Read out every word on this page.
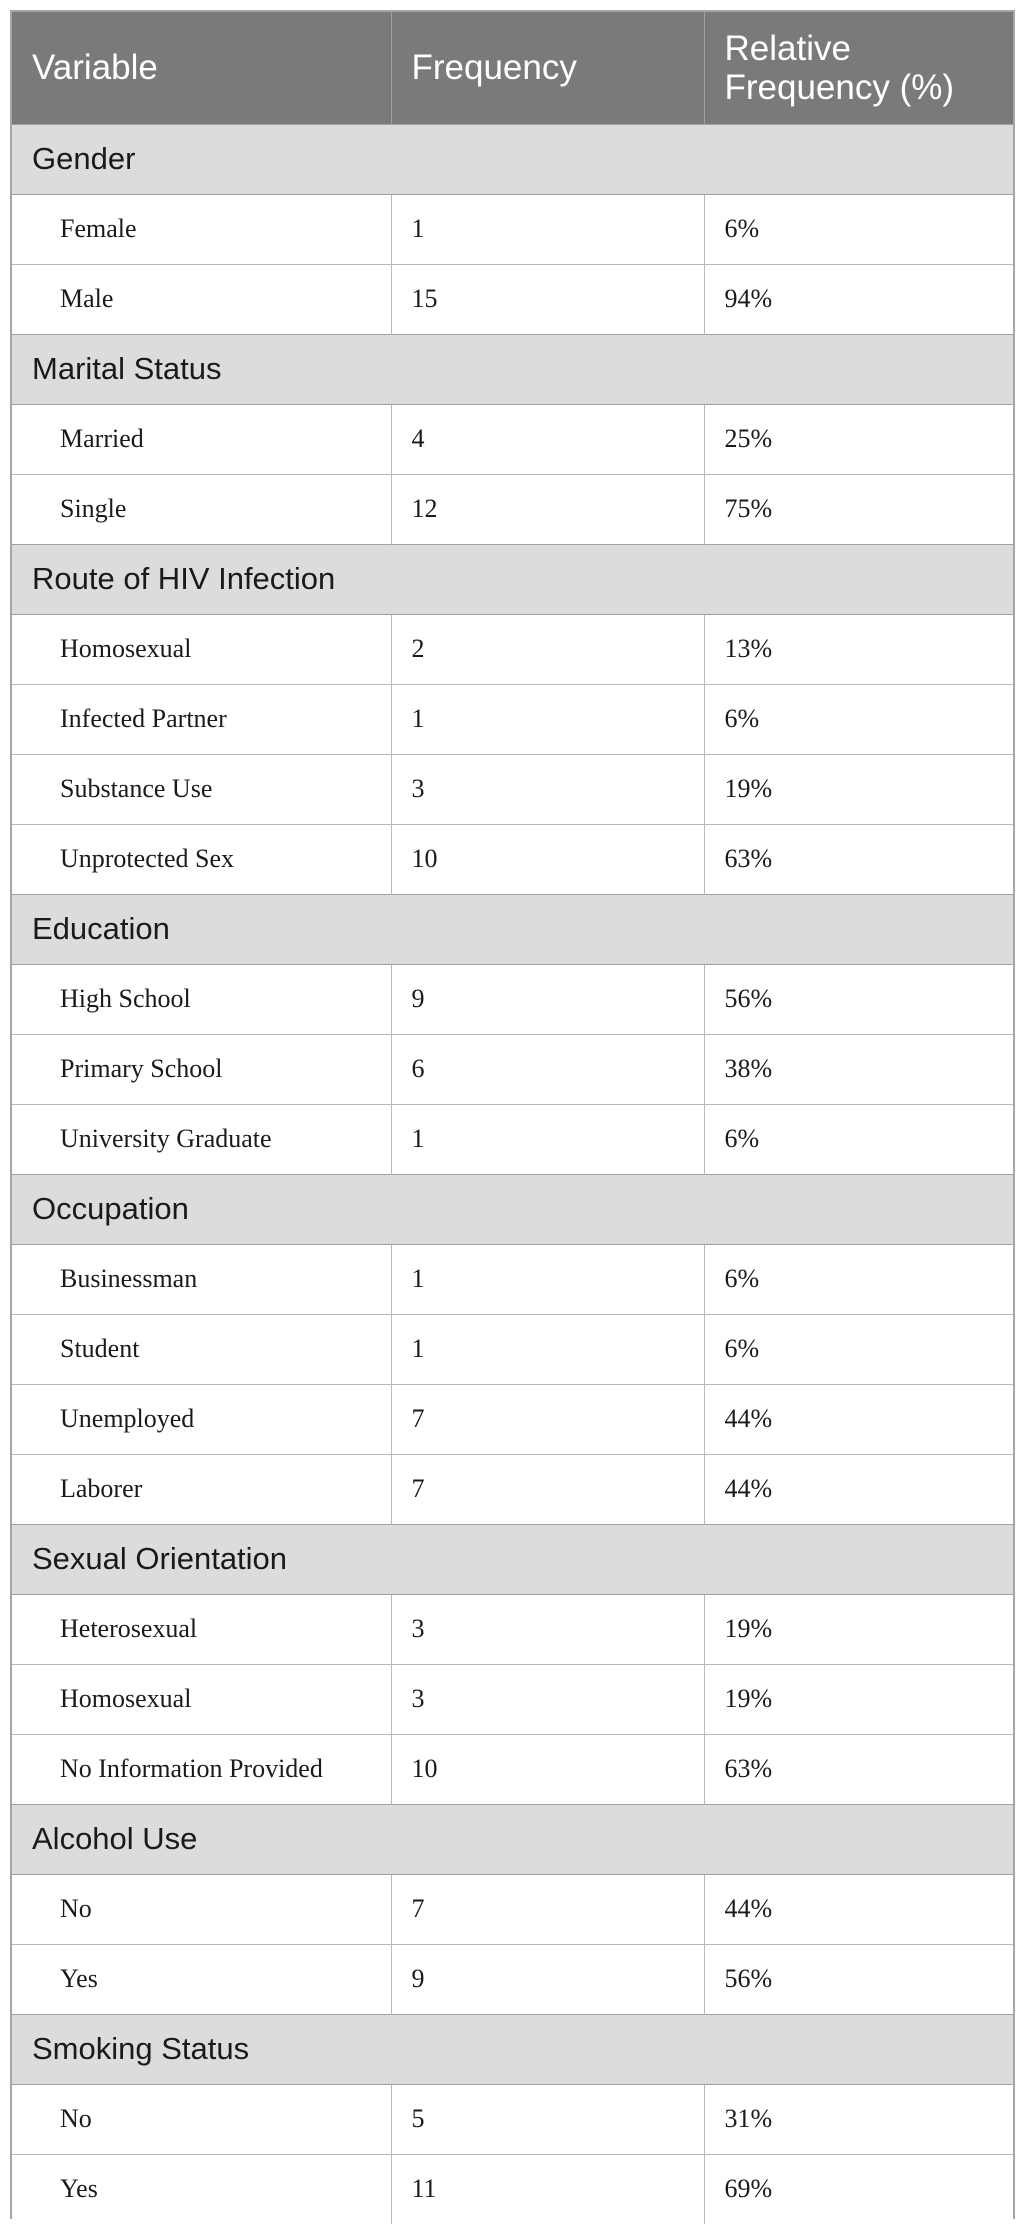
Variable	Frequency	Relative Frequency (%)
Gender		
Female	1	6%
Male	15	94%
Marital Status		
Married	4	25%
Single	12	75%
Route of HIV Infection		
Homosexual	2	13%
Infected Partner	1	6%
Substance Use	3	19%
Unprotected Sex	10	63%
Education		
High School	9	56%
Primary School	6	38%
University Graduate	1	6%
Occupation		
Businessman	1	6%
Student	1	6%
Unemployed	7	44%
Laborer	7	44%
Sexual Orientation		
Heterosexual	3	19%
Homosexual	3	19%
No Information Provided	10	63%
Alcohol Use		
No	7	44%
Yes	9	56%
Smoking Status		
No	5	31%
Yes	11	69%
